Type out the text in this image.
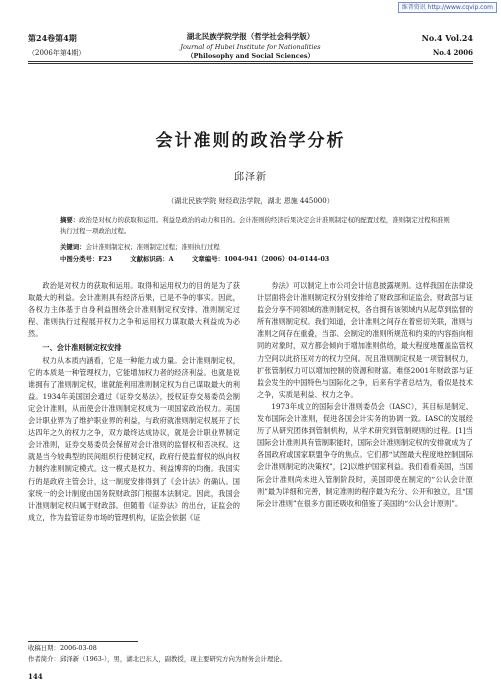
维普资讯 http://www.cqvip.com
第24卷第4期
（2006年第4期）
湖北民族学院学报（哲学社会科学版）
Journal of Hubei Institute for Nationalities
（Philosophy and Social Sciences）
No.4 Vol.24
No.4 2006
会计准则的政治学分析
邱泽新
（湖北民族学院 财经政法学院，湖北 恩施 445000）
摘要：政治是对权力的获取和运用。利益是政治的动力和目的。会计准则的经济后果决定会计准则制定权的配置过程，准则制定过程和准则执行过程一项政治过程。
关键词：会计准则制定权；准则制定过程；准则执行过程
中图分类号：F23	文献标识码：A	文章编号：1004-941（2006）04-0144-03

政治是对权力的获取和运用。取得和运用权力的目的是为了获取最大的利益。会计准则具有经济后果，已是不争的事实。因此，各权力主体基于自身利益围绕会计准则制定权安排、准则制定过程、准则执行过程展开权力之争和运用权力谋取最大利益成为必然。

一、会计准则制定权安排

权力从本质内涵看，它是一种能力或力量。会计准则制定权，它的本质是一种管理权力，它能增加权力者的经济利益。也就是说谁拥有了准则制定权，谁就能利用准则制定权为自己谋取最大的利益。1934年美国国会通过《证券交易法》，授权证券交易委员会制定会计准则，从而使会计准则制定权成为一项国家政治权力。美国会计职业界为了维护职业界的利益，与政府就准则制定权展开了长达四年之久的权力之争，双方最终达成协议，就是会计职业界制定会计准则，证券交易委员会保留对会计准则的监督权和否决权。这就是当今较典型的民间组织行使制定权，政府行使监督权的纵向权力制约准则制定模式。这一模式是权力、利益博弈的均衡。我国实行的是政府主管会计，这一制度安排得到了《会计法》的确认。国家统一的会计制度由国务院财政部门根据本法制定。因此，我国会计准则制定权归属于财政部。但随着《证券法》的出台，证监会的成立，作为监管证券市场的管理机构，证监会依据《证

券法》可以制定上市公司会计信息披露规则。这样我国在法律设计层面将会计准则制定权分别安排给了财政部和证监会。财政部与证监会分享不同领域的准则制定权，各自拥有该领域内从起草到监督的所有准则制定权。我们知道，会计准则之间存在着密切关联，准则与准则之间存在重叠，当部、会制定的准则所规范和约束的内容指向相同的对象时，双方都会倾向于增加准则供给，最大程度地覆盖监管权力空间以此挤压对方的权力空间。况且准则制定权是一项管制权力，扩张管制权力可以增加控制的资源和财富。难怪2001年财政部与证监会发生的中国特色与国际化之争，后来有学者总结为，看似是技术之争，实质是利益、权力之争。

1973年成立的国际会计准则委员会（IASC），其目标是制定、发布国际会计准则，促进各国会计实务的协调一致。IASC的发展经历了从研究团体到管制机构，从学术研究到管制规则的过程。[1]当国际会计准则具有管制职能时，国际会计准则制定权的安排就成为了各国政府或国家联盟争夺的焦点。它们都“试图最大程度地控制国际会计准则制定的决策权”，[2]以维护国家利益。我们看看美国，当国际会计准则尚未进入管制阶段时，美国即使在制定的“公认会计原则”最为详细和完善，制定准则的程序最为充分、公开和独立，且“国际会计准则”在很多方面还吸收和借鉴了美国的“公认会计原则”。

收稿日期：2006-03-08
作者简介：邱泽新（1963-），男，湖北巴东人，副教授，现主要研究方向为财务会计理论。
144
